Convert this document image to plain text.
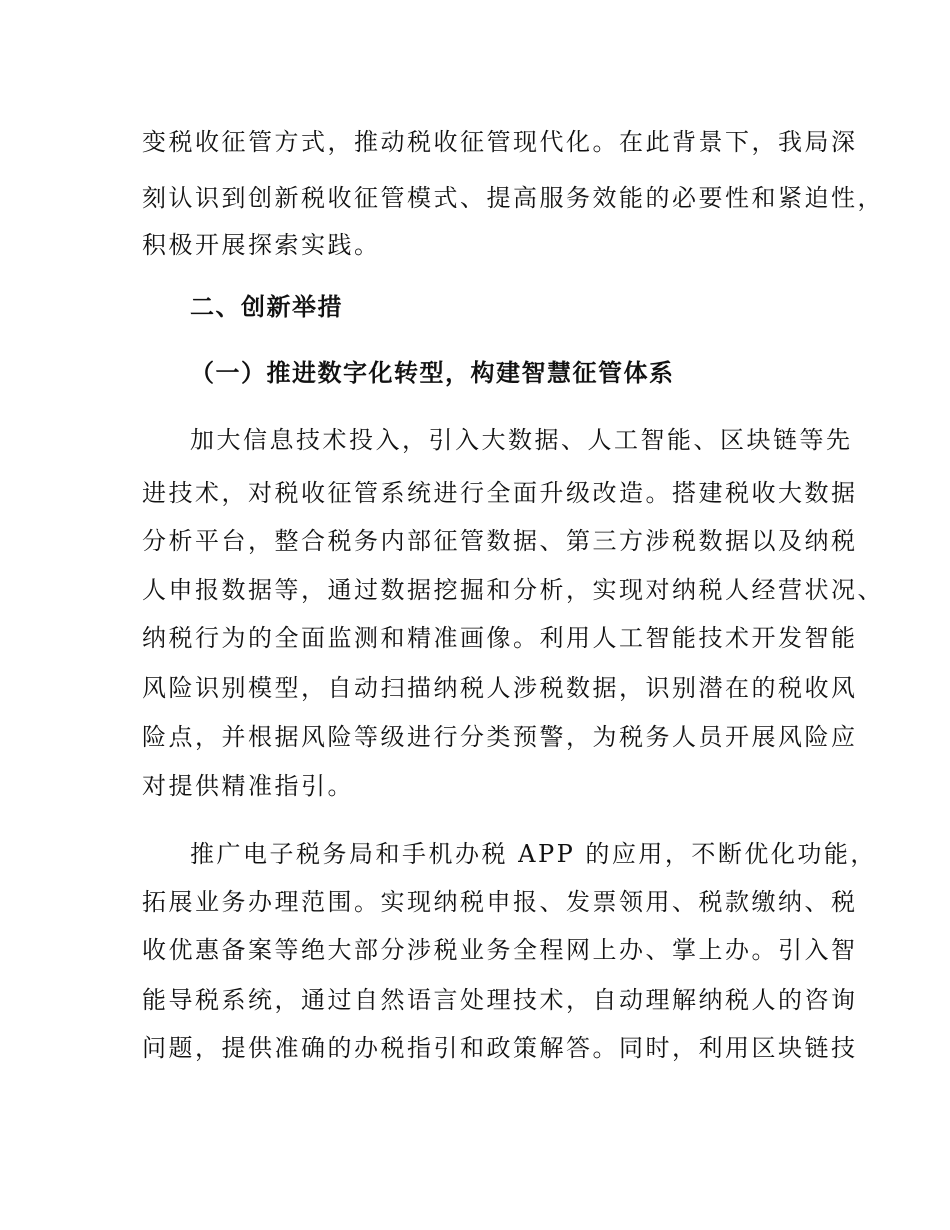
变税收征管方式，推动税收征管现代化。在此背景下，我局深
刻认识到创新税收征管模式、提高服务效能的必要性和紧迫性，
积极开展探索实践。
二、创新举措
（一）推进数字化转型，构建智慧征管体系
加大信息技术投入，引入大数据、人工智能、区块链等先
进技术，对税收征管系统进行全面升级改造。搭建税收大数据
分析平台，整合税务内部征管数据、第三方涉税数据以及纳税
人申报数据等，通过数据挖掘和分析，实现对纳税人经营状况、
纳税行为的全面监测和精准画像。利用人工智能技术开发智能
风险识别模型，自动扫描纳税人涉税数据，识别潜在的税收风
险点，并根据风险等级进行分类预警，为税务人员开展风险应
对提供精准指引。
推广电子税务局和手机办税 APP 的应用，不断优化功能，
拓展业务办理范围。实现纳税申报、发票领用、税款缴纳、税
收优惠备案等绝大部分涉税业务全程网上办、掌上办。引入智
能导税系统，通过自然语言处理技术，自动理解纳税人的咨询
问题，提供准确的办税指引和政策解答。同时，利用区块链技
